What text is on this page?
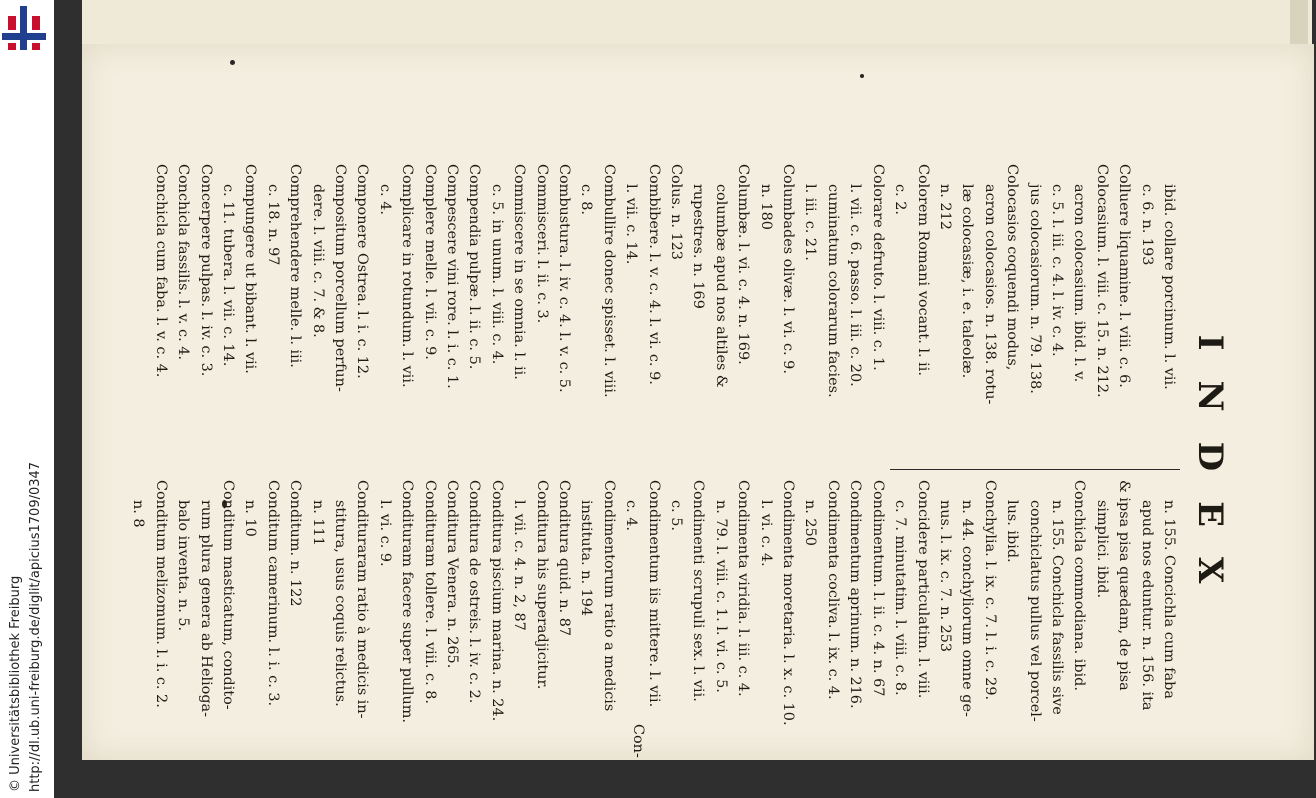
http://dl.ub.uni-freiburg.de/diglit/apicius1709/0347
© Universitätsbibliothek Freiburg
INDEX
ibid. collare porcinum. l. vii.
c. 6. n. 193
Colluere liquamine. l. viii. c. 6.
Colocasium. l. viii. c. 15. n. 212.
acron colocasium. ibid. l. v.
c. 5. l. iii. c. 4. l. iv. c. 4.
jus colocasiorum. n. 79. 138.
Colocasios coquendi modus,
acron colocasios. n. 138. rotu-
læ colocasiæ, i. e. taleolæ.
n. 212
Colorem Romani vocant. l. ii.
c. 2.
Colorare defruto. l. viii. c. 1.
l. vii. c. 6. passo. l. iii. c. 20.
cuminatum colorarum facies.
l. iii. c. 21.
Columbades olivæ. l. vi. c. 9.
n. 180
Columbæ. l. vi. c. 4. n. 169.
columbæ apud nos altiles &
rupestres. n. 169
Colus. n. 123
Combibere. l. v. c. 4. l. vi. c. 9.
l. vii. c. 14.
Combullire donec spisset. l. viii.
c. 8.
Combustura. l. iv. c. 4. l. v. c. 5.
Commisceri. l. ii. c. 3.
Commiscere in se omnia. l. ii.
c. 5. in unum. l. viii. c. 4.
Compendia pulpæ. l. ii. c. 5.
Compescere vini rore. l. i. c. 1.
Complere melle. l. vii. c. 9.
Complicare in rotundum. l. vii.
c. 4.
Componere Ostrea. l. i. c. 12.
Compositum porcellum perfun-
dere. l. viii. c. 7. & 8.
Comprehendere melle. l. iii.
c. 18. n. 97
Compungere ut bibant. l. vii.
c. 11. tubera. l. vii. c. 14.
Concerpere pulpas. l. iv. c. 3.
Conchicla fassilis. l. v. c. 4.
Conchicla cum faba. l. v. c. 4.
n. 155. Concichla cum faba
apud nos eduntur. n. 156. ita
& ipsa pisa quædam, de pisa
simplici. ibid.
Conchicla commodiana. ibid.
n. 155. Conchicla fassilis sive
conchiclatus pullus vel porcel-
lus. ibid.
Conchylia. l. ix. c. 7. l. i. c. 29.
n. 44. conchyliorum omne ge-
nus. l. ix. c. 7. n. 253
Concidere particulatim. l. viii.
c. 7. minutatim. l. viii. c. 8.
Condimentum. l. ii. c. 4. n. 67
Condimentum aprinum. n. 216.
Condimenta cocliva. l. ix. c. 4.
n. 250
Condimenta moretaria. l. x. c. 10.
l. vi. c. 4.
Condimenta viridia. l. iii. c. 4.
n. 79. l. viii. c. 1. l. vi. c. 5.
Condimenti scrupuli sex. l. vii.
c. 5.
Condimentum iis mittere. l. vii.
c. 4.
Condimentorum ratio a medicis
instituta. n. 194
Conditura quid. n. 87
Conditura his superadjicitur.
l. vii. c. 4. n. 2, 87
Conditura piscium marina. n. 24.
Conditura de ostreis. l. iv. c. 2.
Conditura Venera. n. 265.
Condituram tollere. l. viii. c. 8.
Condituram facere super pullum.
l. vi. c. 9.
Condituraram ratio à medicis in-
stitura, usus coquis relictus.
n. 111
Conditum. n. 122
Conditum camerinum. l. i. c. 3.
n. 10
Conditum masticatum, condito-
rum plura genera ab Helioga-
balo inventa. n. 5.
Conditum melizomum. l. i. c. 2.
n. 8
Con-
